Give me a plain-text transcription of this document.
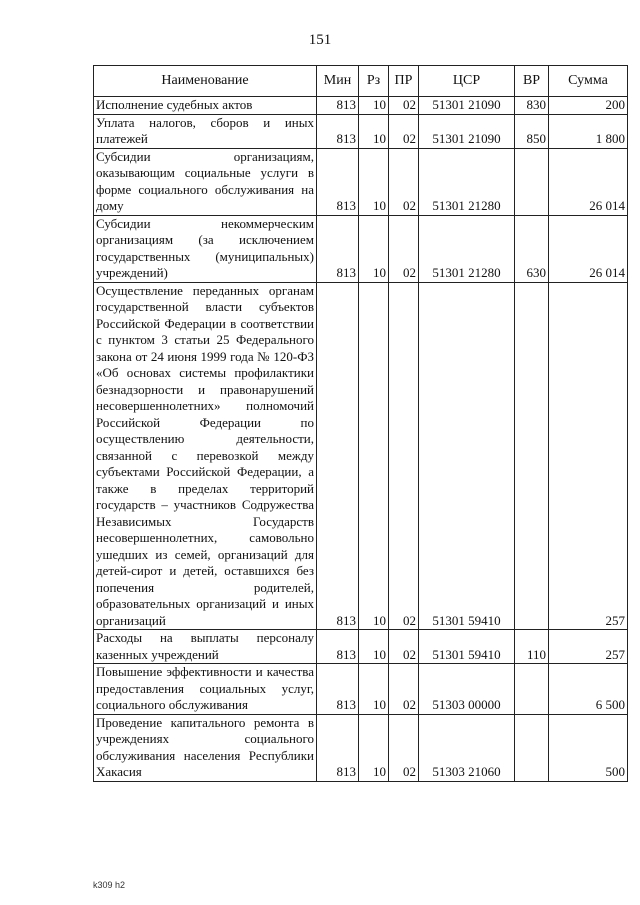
151
Наименование	Мин	Рз	ПР	ЦСР	ВР	Сумма
Исполнение судебных актов	813	10	02	51301 21090	830	200
Уплата налогов, сборов и иных платежей	813	10	02	51301 21090	850	1 800
Субсидии организациям, оказывающим социальные услуги в форме социального обслуживания на дому	813	10	02	51301 21280		26 014
Субсидии некоммерческим организациям (за исключением государственных (муниципальных) учреждений)	813	10	02	51301 21280	630	26 014
Осуществление переданных органам государственной власти субъектов Российской Федерации в соответствии с пунктом 3 статьи 25 Федерального закона от 24 июня 1999 года № 120-ФЗ «Об основах системы профилактики безнадзорности и правонарушений несовершеннолетних» полномочий Российской Федерации по осуществлению деятельности, связанной с перевозкой между субъектами Российской Федерации, а также в пределах территорий государств – участников Содружества Независимых Государств несовершеннолетних, самовольно ушедших из семей, организаций для детей-сирот и детей, оставшихся без попечения родителей, образовательных организаций и иных организаций	813	10	02	51301 59410		257
Расходы на выплаты персоналу казенных учреждений	813	10	02	51301 59410	110	257
Повышение эффективности и качества предоставления социальных услуг, социального обслуживания	813	10	02	51303 00000		6 500
Проведение капитального ремонта в учреждениях социального обслуживания населения Республики Хакасия	813	10	02	51303 21060		500
k309 h2
